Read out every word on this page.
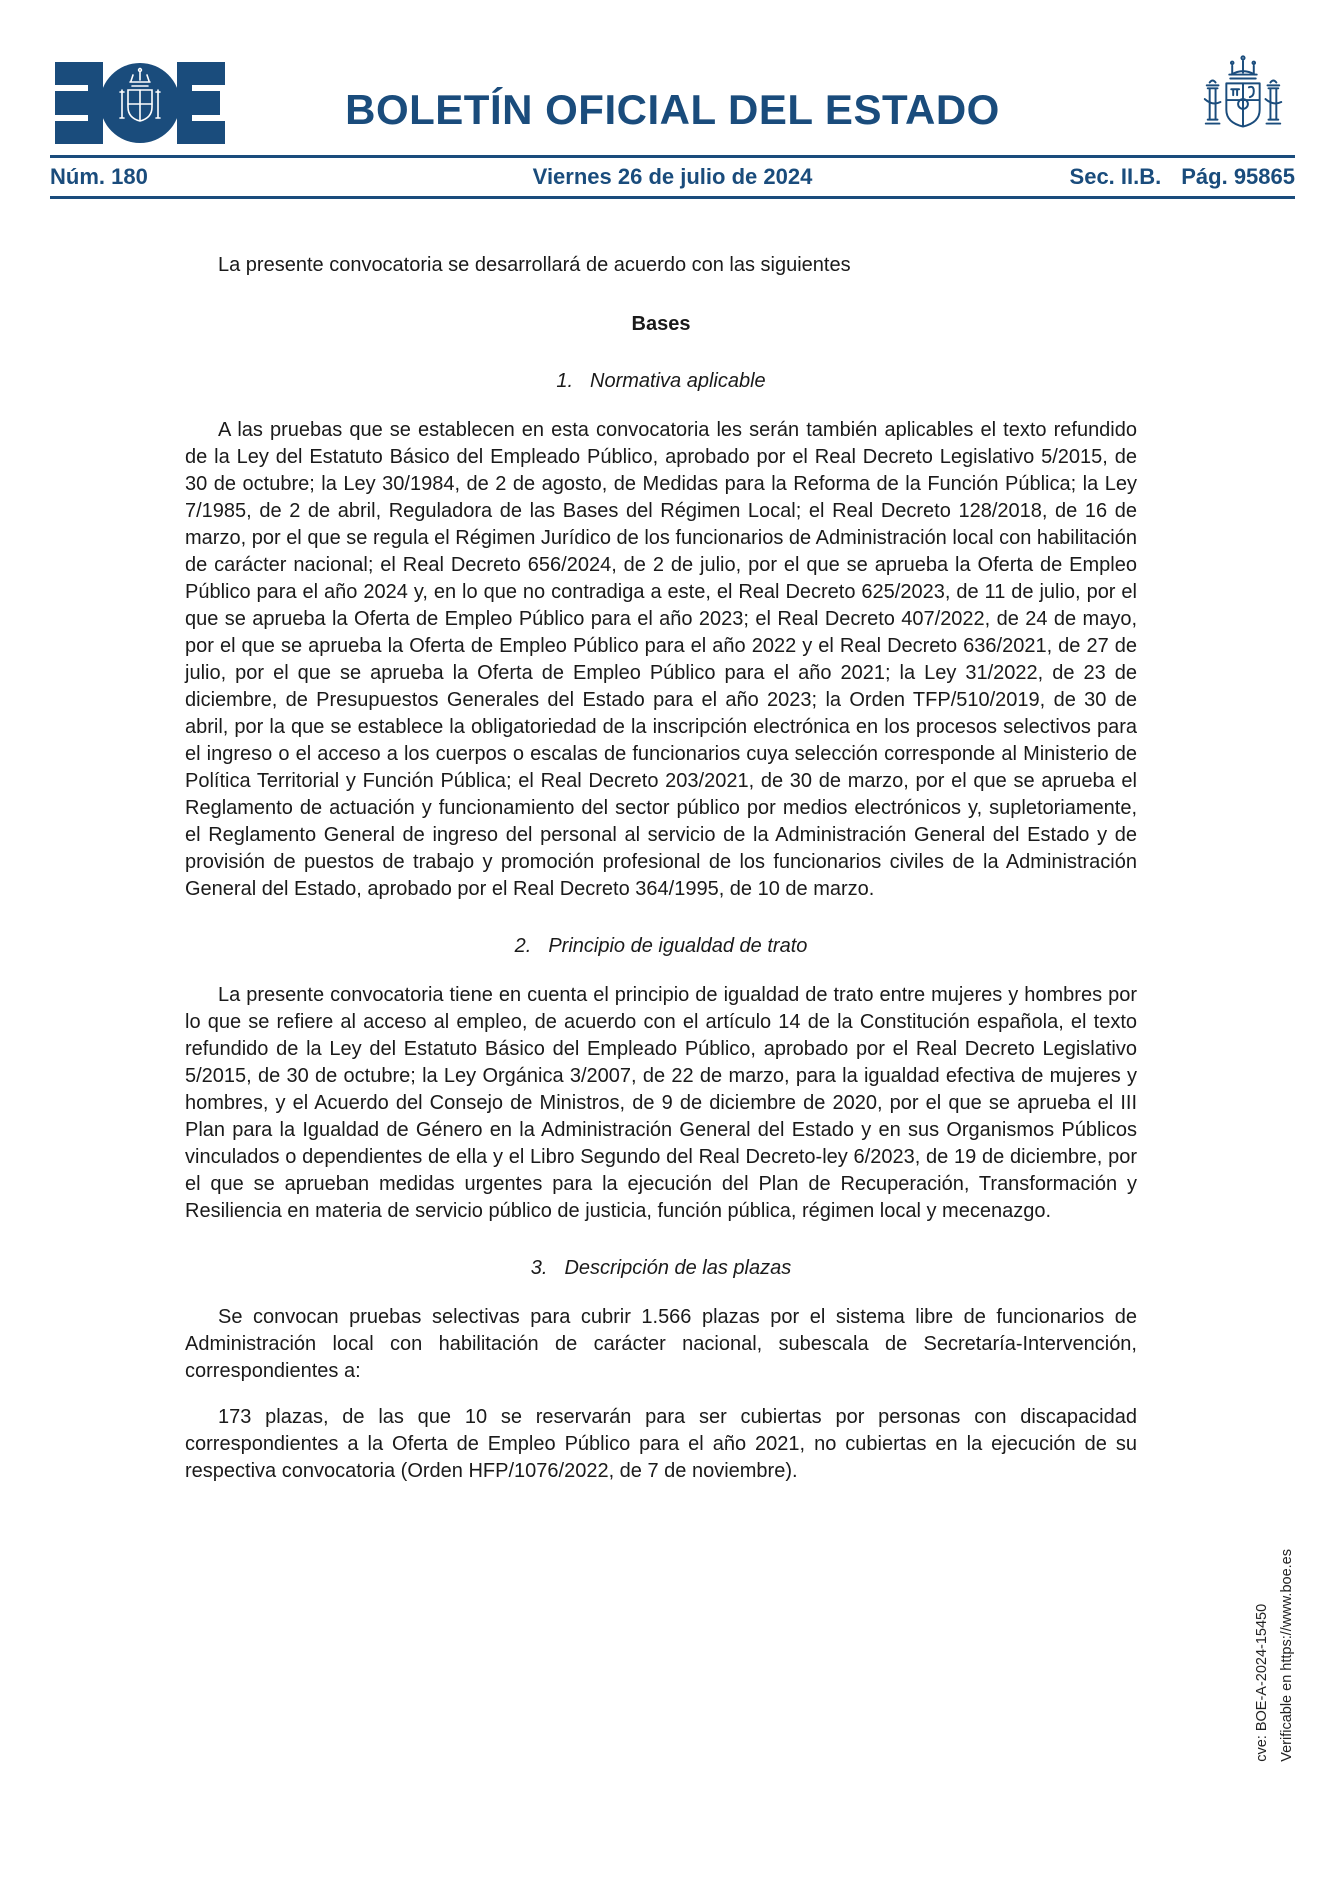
BOLETÍN OFICIAL DEL ESTADO
Núm. 180	Viernes 26 de julio de 2024	Sec. II.B. Pág. 95865

La presente convocatoria se desarrollará de acuerdo con las siguientes

Bases
1. Normativa aplicable

A las pruebas que se establecen en esta convocatoria les serán también aplicables el texto refundido de la Ley del Estatuto Básico del Empleado Público, aprobado por el Real Decreto Legislativo 5/2015, de 30 de octubre; la Ley 30/1984, de 2 de agosto, de Medidas para la Reforma de la Función Pública; la Ley 7/1985, de 2 de abril, Reguladora de las Bases del Régimen Local; el Real Decreto 128/2018, de 16 de marzo, por el que se regula el Régimen Jurídico de los funcionarios de Administración local con habilitación de carácter nacional; el Real Decreto 656/2024, de 2 de julio, por el que se aprueba la Oferta de Empleo Público para el año 2024 y, en lo que no contradiga a este, el Real Decreto 625/2023, de 11 de julio, por el que se aprueba la Oferta de Empleo Público para el año 2023; el Real Decreto 407/2022, de 24 de mayo, por el que se aprueba la Oferta de Empleo Público para el año 2022 y el Real Decreto 636/2021, de 27 de julio, por el que se aprueba la Oferta de Empleo Público para el año 2021; la Ley 31/2022, de 23 de diciembre, de Presupuestos Generales del Estado para el año 2023; la Orden TFP/510/2019, de 30 de abril, por la que se establece la obligatoriedad de la inscripción electrónica en los procesos selectivos para el ingreso o el acceso a los cuerpos o escalas de funcionarios cuya selección corresponde al Ministerio de Política Territorial y Función Pública; el Real Decreto 203/2021, de 30 de marzo, por el que se aprueba el Reglamento de actuación y funcionamiento del sector público por medios electrónicos y, supletoriamente, el Reglamento General de ingreso del personal al servicio de la Administración General del Estado y de provisión de puestos de trabajo y promoción profesional de los funcionarios civiles de la Administración General del Estado, aprobado por el Real Decreto 364/1995, de 10 de marzo.

2. Principio de igualdad de trato

La presente convocatoria tiene en cuenta el principio de igualdad de trato entre mujeres y hombres por lo que se refiere al acceso al empleo, de acuerdo con el artículo 14 de la Constitución española, el texto refundido de la Ley del Estatuto Básico del Empleado Público, aprobado por el Real Decreto Legislativo 5/2015, de 30 de octubre; la Ley Orgánica 3/2007, de 22 de marzo, para la igualdad efectiva de mujeres y hombres, y el Acuerdo del Consejo de Ministros, de 9 de diciembre de 2020, por el que se aprueba el III Plan para la Igualdad de Género en la Administración General del Estado y en sus Organismos Públicos vinculados o dependientes de ella y el Libro Segundo del Real Decreto-ley 6/2023, de 19 de diciembre, por el que se aprueban medidas urgentes para la ejecución del Plan de Recuperación, Transformación y Resiliencia en materia de servicio público de justicia, función pública, régimen local y mecenazgo.

3. Descripción de las plazas

Se convocan pruebas selectivas para cubrir 1.566 plazas por el sistema libre de funcionarios de Administración local con habilitación de carácter nacional, subescala de Secretaría-Intervención, correspondientes a:

173 plazas, de las que 10 se reservarán para ser cubiertas por personas con discapacidad correspondientes a la Oferta de Empleo Público para el año 2021, no cubiertas en la ejecución de su respectiva convocatoria (Orden HFP/1076/2022, de 7 de noviembre).

cve: BOE-A-2024-15450 Verificable en https://www.boe.es
